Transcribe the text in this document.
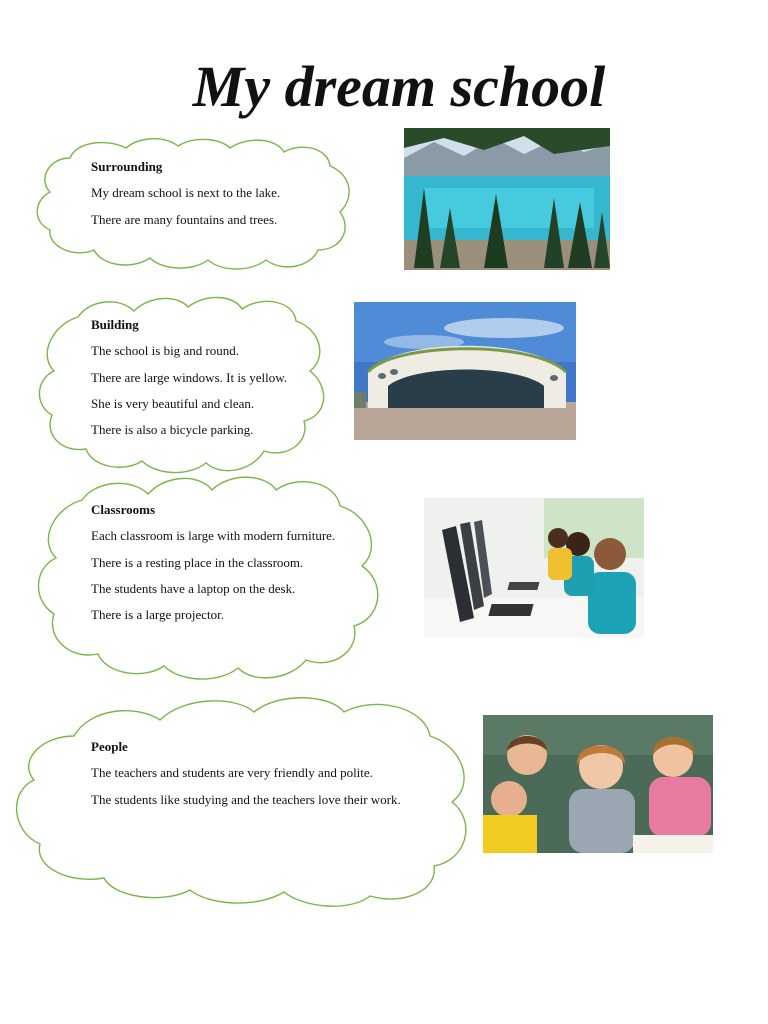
My dream school
Surrounding
My dream school is next to the lake.
There are many fountains and trees.
Building
The school is big and round.
There are large windows. It is yellow.
She is very beautiful and clean.
There is also a bicycle parking.
Classrooms
Each classroom is large with modern furniture.
There is a resting place in the classroom.
The students have a laptop on the desk.
There is a large projector.
People
The teachers and students are very friendly and polite.
The students like studying and the teachers love their work.
